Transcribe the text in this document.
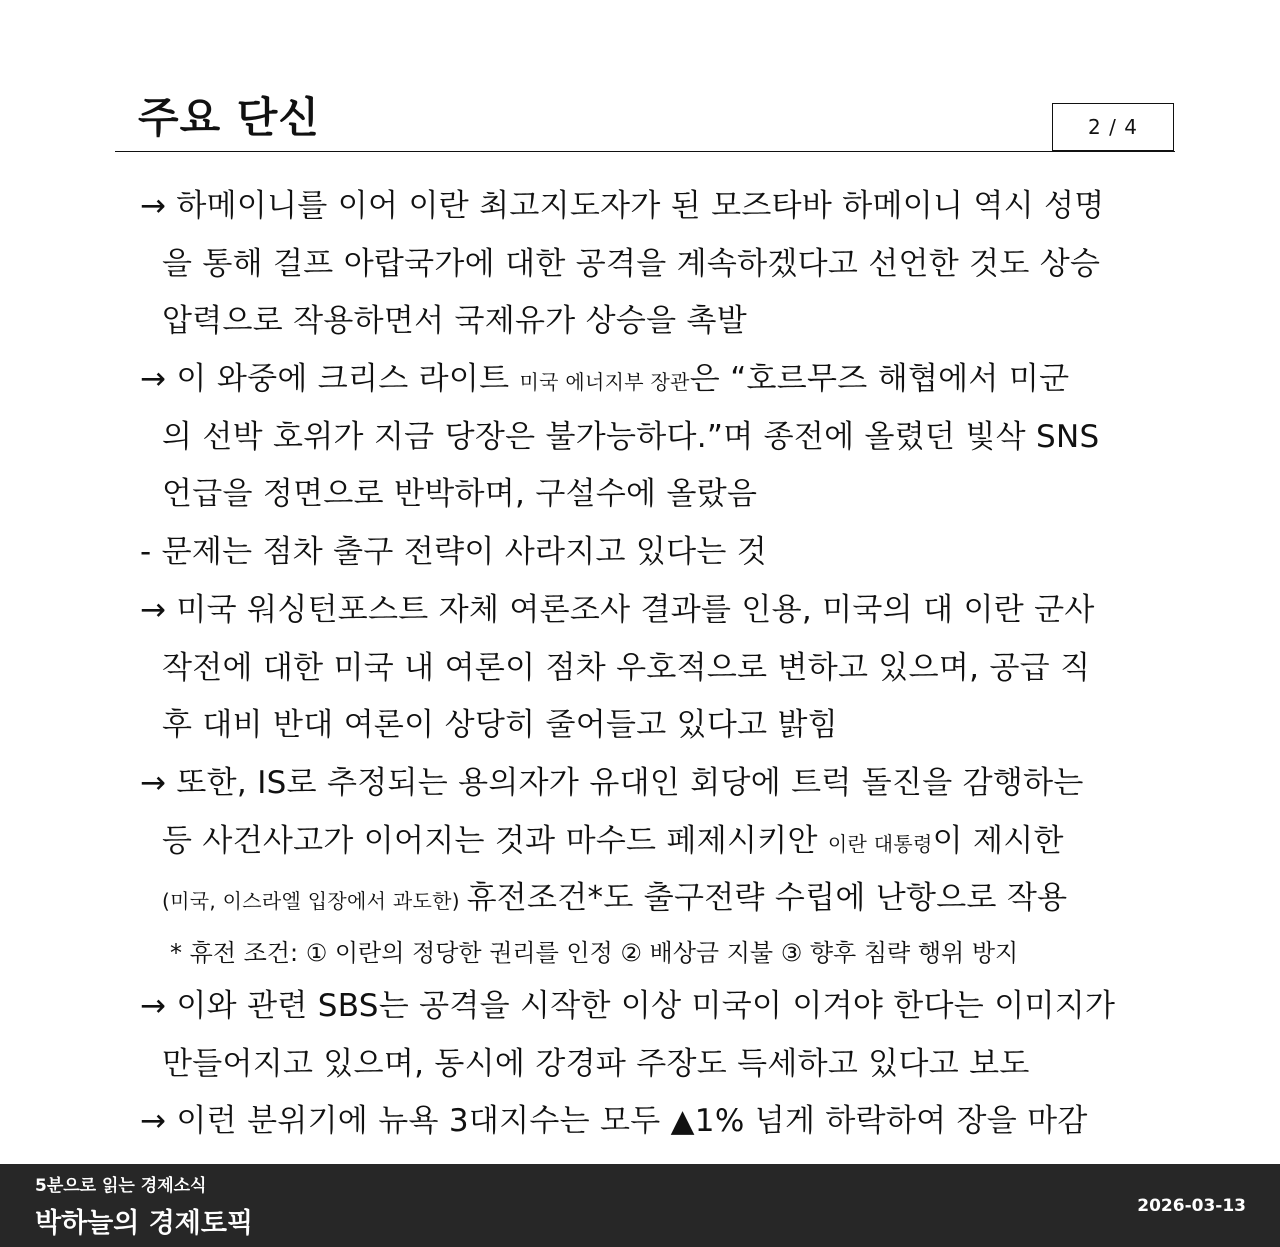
주요 단신	2 / 4
→ 하메이니를 이어 이란 최고지도자가 된 모즈타바 하메이니 역시 성명
을 통해 걸프 아랍국가에 대한 공격을 계속하겠다고 선언한 것도 상승
압력으로 작용하면서 국제유가 상승을 촉발
→ 이 와중에 크리스 라이트 미국 에너지부 장관은 “호르무즈 해협에서 미군
의 선박 호위가 지금 당장은 불가능하다.”며 종전에 올렸던 빛삭 SNS
언급을 정면으로 반박하며, 구설수에 올랐음
- 문제는 점차 출구 전략이 사라지고 있다는 것
→ 미국 워싱턴포스트 자체 여론조사 결과를 인용, 미국의 대 이란 군사
작전에 대한 미국 내 여론이 점차 우호적으로 변하고 있으며, 공급 직
후 대비 반대 여론이 상당히 줄어들고 있다고 밝힘
→ 또한, IS로 추정되는 용의자가 유대인 회당에 트럭 돌진을 감행하는
등 사건사고가 이어지는 것과 마수드 페제시키안 이란 대통령이 제시한
(미국, 이스라엘 입장에서 과도한) 휴전조건*도 출구전략 수립에 난항으로 작용
* 휴전 조건: ① 이란의 정당한 권리를 인정 ② 배상금 지불 ③ 향후 침략 행위 방지
→ 이와 관련 SBS는 공격을 시작한 이상 미국이 이겨야 한다는 이미지가
만들어지고 있으며, 동시에 강경파 주장도 득세하고 있다고 보도
→ 이런 분위기에 뉴욕 3대지수는 모두 ▲1% 넘게 하락하여 장을 마감
5분으로 읽는 경제소식
박하늘의 경제토픽
2026-03-13
